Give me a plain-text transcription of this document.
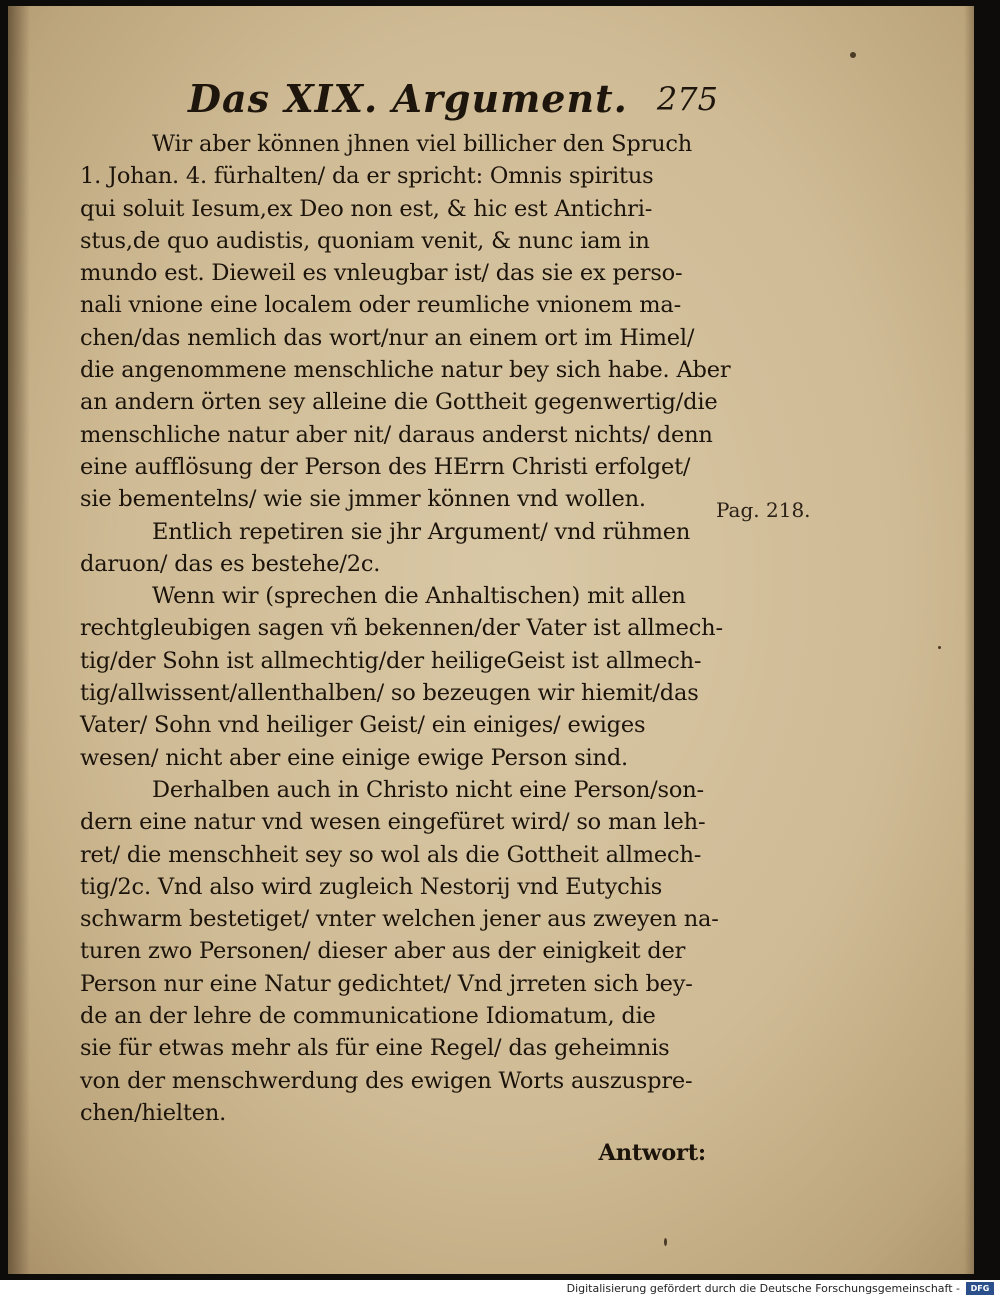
Das XIX. Argument. 275
Wir aber können jhnen viel billicher den Spruch
1. Johan. 4. fürhalten/ da er spricht: Omnis spiritus
qui soluit Iesum,ex Deo non est, & hic est Antichri-
stus,de quo audistis, quoniam venit, & nunc iam in
mundo est. Dieweil es vnleugbar ist/ das sie ex perso-
nali vnione eine localem oder reumliche vnionem ma-
chen/das nemlich das wort/nur an einem ort im Himel/
die angenommene menschliche natur bey sich habe. Aber
an andern örten sey alleine die Gottheit gegenwertig/die
menschliche natur aber nit/ daraus anderst nichts/ denn
eine aufflösung der Person des HErrn Christi erfolget/
sie bementelns/ wie sie jmmer können vnd wollen.
Entlich repetiren sie jhr Argument/ vnd rühmen
daruon/ das es bestehe/2c.
Wenn wir (sprechen die Anhaltischen) mit allen
rechtgleubigen sagen vñ bekennen/der Vater ist allmech-
tig/der Sohn ist allmechtig/der heiligeGeist ist allmech-
tig/allwissent/allenthalben/ so bezeugen wir hiemit/das
Vater/ Sohn vnd heiliger Geist/ ein einiges/ ewiges
wesen/ nicht aber eine einige ewige Person sind.
Derhalben auch in Christo nicht eine Person/son-
dern eine natur vnd wesen eingefüret wird/ so man leh-
ret/ die menschheit sey so wol als die Gottheit allmech-
tig/2c. Vnd also wird zugleich Nestorij vnd Eutychis
schwarm bestetiget/ vnter welchen jener aus zweyen na-
turen zwo Personen/ dieser aber aus der einigkeit der
Person nur eine Natur gedichtet/ Vnd jrreten sich bey-
de an der lehre de communicatione Idiomatum, die
sie für etwas mehr als für eine Regel/ das geheimnis
von der menschwerdung des ewigen Worts auszuspre-
chen/hielten.
Antwort:
Pag. 218.
Digitalisierung gefördert durch die Deutsche Forschungsgemeinschaft -	DFG
